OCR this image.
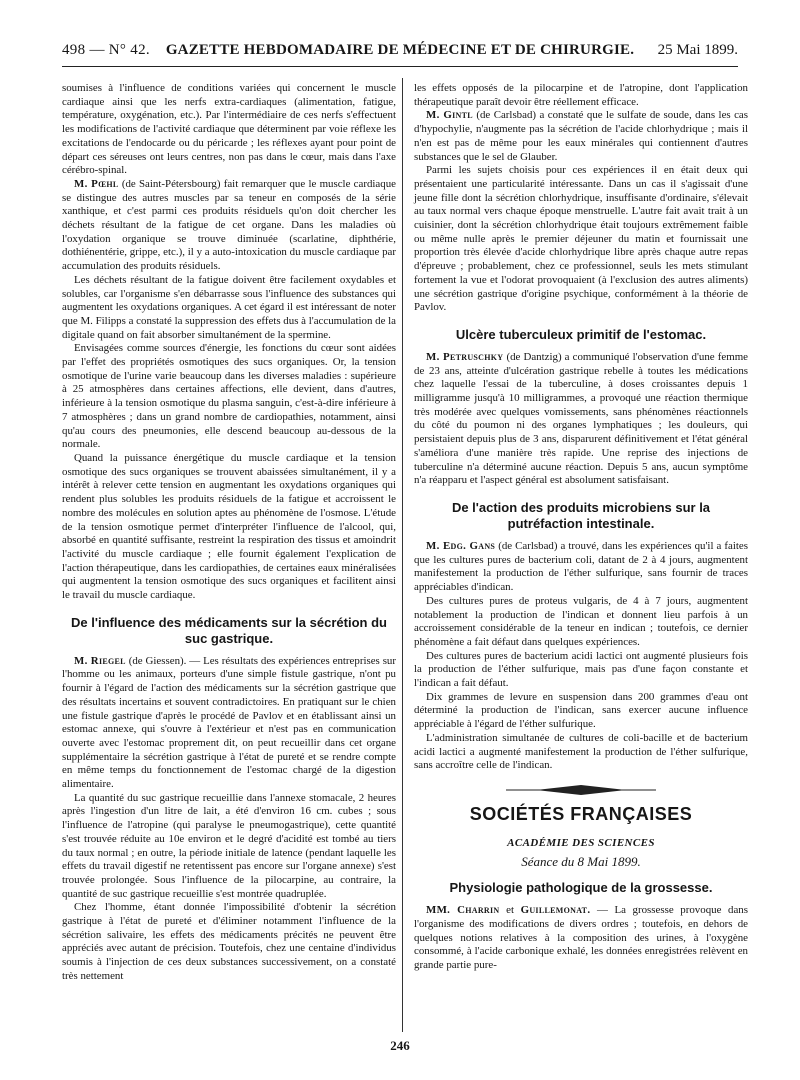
498 — N° 42.	GAZETTE HEBDOMADAIRE DE MÉDECINE ET DE CHIRURGIE.	25 Mai 1899.

soumises à l'influence de conditions variées qui concernent le muscle cardiaque ainsi que les nerfs extra-cardiaques (alimentation, fatigue, température, oxygénation, etc.). Par l'intermédiaire de ces nerfs s'effectuent les modifications de l'activité cardiaque que déterminent par voie réflexe les excitations de l'endocarde ou du péricarde ; les réflexes ayant pour point de départ ces séreuses ont leurs centres, non pas dans le cœur, mais dans l'axe cérébro-spinal.

M. Pœhl (de Saint-Pétersbourg) fait remarquer que le muscle cardiaque se distingue des autres muscles par sa teneur en composés de la série xanthique, et c'est parmi ces produits résiduels qu'on doit chercher les déchets résultant de la fatigue de cet organe. Dans les maladies où l'oxydation organique se trouve diminuée (scarlatine, diphthérie, dothiénentérie, grippe, etc.), il y a auto-intoxication du muscle cardiaque par accumulation des produits résiduels.

Les déchets résultant de la fatigue doivent être facilement oxydables et solubles, car l'organisme s'en débarrasse sous l'influence des substances qui augmentent les oxydations organiques. A cet égard il est intéressant de noter que M. Filipps a constaté la suppression des effets dus à l'accumulation de la digitale quand on fait absorber simultanément de la spermine.

Envisagées comme sources d'énergie, les fonctions du cœur sont aidées par l'effet des propriétés osmotiques des sucs organiques. Or, la tension osmotique de l'urine varie beaucoup dans les diverses maladies : supérieure à 25 atmosphères dans certaines affections, elle devient, dans d'autres, inférieure à la tension osmotique du plasma sanguin, c'est-à-dire inférieure à 7 atmosphères ; dans un grand nombre de cardiopathies, notamment, ainsi qu'au cours des pneumonies, elle descend beaucoup au-dessous de la normale.

Quand la puissance énergétique du muscle cardiaque et la tension osmotique des sucs organiques se trouvent abaissées simultanément, il y a intérêt à relever cette tension en augmentant les oxydations organiques qui rendent plus solubles les produits résiduels de la fatigue et accroissent le nombre des molécules en solution aptes au phénomène de l'osmose. L'étude de la tension osmotique permet d'interpréter l'influence de l'alcool, qui, absorbé en quantité suffisante, restreint la respiration des tissus et amoindrit l'activité du muscle cardiaque ; elle fournit également l'explication de l'action thérapeutique, dans les cardiopathies, de certaines eaux minéralisées qui augmentent la tension osmotique des sucs organiques et facilitent ainsi le travail du muscle cardiaque.

De l'influence des médicaments sur la sécrétion du suc gastrique.

M. Riegel (de Giessen). — Les résultats des expériences entreprises sur l'homme ou les animaux, porteurs d'une simple fistule gastrique, n'ont pu fournir à l'égard de l'action des médicaments sur la sécrétion gastrique que des résultats incertains et souvent contradictoires. En pratiquant sur le chien une fistule gastrique d'après le procédé de Pavlov et en établissant ainsi un estomac annexe, qui s'ouvre à l'extérieur et n'est pas en communication ouverte avec l'estomac proprement dit, on peut recueillir dans cet organe supplémentaire la sécrétion gastrique à l'état de pureté et se rendre compte en même temps du fonctionnement de l'estomac chargé de la digestion alimentaire.

La quantité du suc gastrique recueillie dans l'annexe stomacale, 2 heures après l'ingestion d'un litre de lait, a été d'environ 16 cm. cubes ; sous l'influence de l'atropine (qui paralyse le pneumogastrique), cette quantité s'est trouvée réduite au 10e environ et le degré d'acidité est tombé au tiers du taux normal ; en outre, la période initiale de latence (pendant laquelle les effets du travail digestif ne retentissent pas encore sur l'organe annexe) s'est trouvée prolongée. Sous l'influence de la pilocarpine, au contraire, la quantité de suc gastrique recueillie s'est montrée quadruplée.

Chez l'homme, étant donnée l'impossibilité d'obtenir la sécrétion gastrique à l'état de pureté et d'éliminer notamment l'influence de la sécrétion salivaire, les effets des médicaments précités ne peuvent être appréciés avec autant de précision. Toutefois, chez une centaine d'individus soumis à l'injection de ces deux substances successivement, on a constaté très nettement

les effets opposés de la pilocarpine et de l'atropine, dont l'application thérapeutique paraît devoir être réellement efficace.

M. Gintl (de Carlsbad) a constaté que le sulfate de soude, dans les cas d'hypochylie, n'augmente pas la sécrétion de l'acide chlorhydrique ; mais il n'en est pas de même pour les eaux minérales qui contiennent d'autres substances que le sel de Glauber.

Parmi les sujets choisis pour ces expériences il en était deux qui présentaient une particularité intéressante. Dans un cas il s'agissait d'une jeune fille dont la sécrétion chlorhydrique, insuffisante d'ordinaire, s'élevait au taux normal vers chaque époque menstruelle. L'autre fait avait trait à un cuisinier, dont la sécrétion chlorhydrique était toujours extrêmement faible ou même nulle après le premier déjeuner du matin et fournissait une proportion très élevée d'acide chlorhydrique libre après chaque autre repas d'épreuve ; probablement, chez ce professionnel, seuls les mets stimulant fortement la vue et l'odorat provoquaient (à l'exclusion des autres aliments) une sécrétion gastrique d'origine psychique, conformément à la théorie de Pavlov.

Ulcère tuberculeux primitif de l'estomac.

M. Petruschky (de Dantzig) a communiqué l'observation d'une femme de 23 ans, atteinte d'ulcération gastrique rebelle à toutes les médications chez laquelle l'essai de la tuberculine, à doses croissantes depuis 1 milligramme jusqu'à 10 milligrammes, a provoqué une réaction thermique très modérée avec quelques vomissements, sans phénomènes réactionnels du côté du poumon ni des organes lymphatiques ; les douleurs, qui persistaient depuis plus de 3 ans, disparurent définitivement et l'état général s'améliora d'une manière très rapide. Une reprise des injections de tuberculine n'a déterminé aucune réaction. Depuis 5 ans, aucun symptôme n'a réapparu et l'aspect général est absolument satisfaisant.

De l'action des produits microbiens sur la putréfaction intestinale.

M. Edg. Gans (de Carlsbad) a trouvé, dans les expériences qu'il a faites que les cultures pures de bacterium coli, datant de 2 à 4 jours, augmentent manifestement la production de l'éther sulfurique, sans fournir de traces appréciables d'indican.

Des cultures pures de proteus vulgaris, de 4 à 7 jours, augmentent notablement la production de l'indican et donnent lieu parfois à un accroissement considérable de la teneur en indican ; toutefois, ce dernier phénomène a fait défaut dans quelques expériences.

Des cultures pures de bacterium acidi lactici ont augmenté plusieurs fois la production de l'éther sulfurique, mais pas d'une façon constante et l'indican a fait défaut.

Dix grammes de levure en suspension dans 200 grammes d'eau ont déterminé la production de l'indican, sans exercer aucune influence appréciable à l'égard de l'éther sulfurique.

L'administration simultanée de cultures de coli-bacille et de bacterium acidi lactici a augmenté manifestement la production de l'éther sulfurique, sans accroître celle de l'indican.

SOCIÉTÉS FRANÇAISES
ACADÉMIE DES SCIENCES
Séance du 8 Mai 1899.
Physiologie pathologique de la grossesse.

MM. Charrin et Guillemonat. — La grossesse provoque dans l'organisme des modifications de divers ordres ; toutefois, en dehors de quelques notions relatives à la composition des urines, à l'oxygène consommé, à l'acide carbonique exhalé, les données enregistrées relèvent en grande partie pure-

246
